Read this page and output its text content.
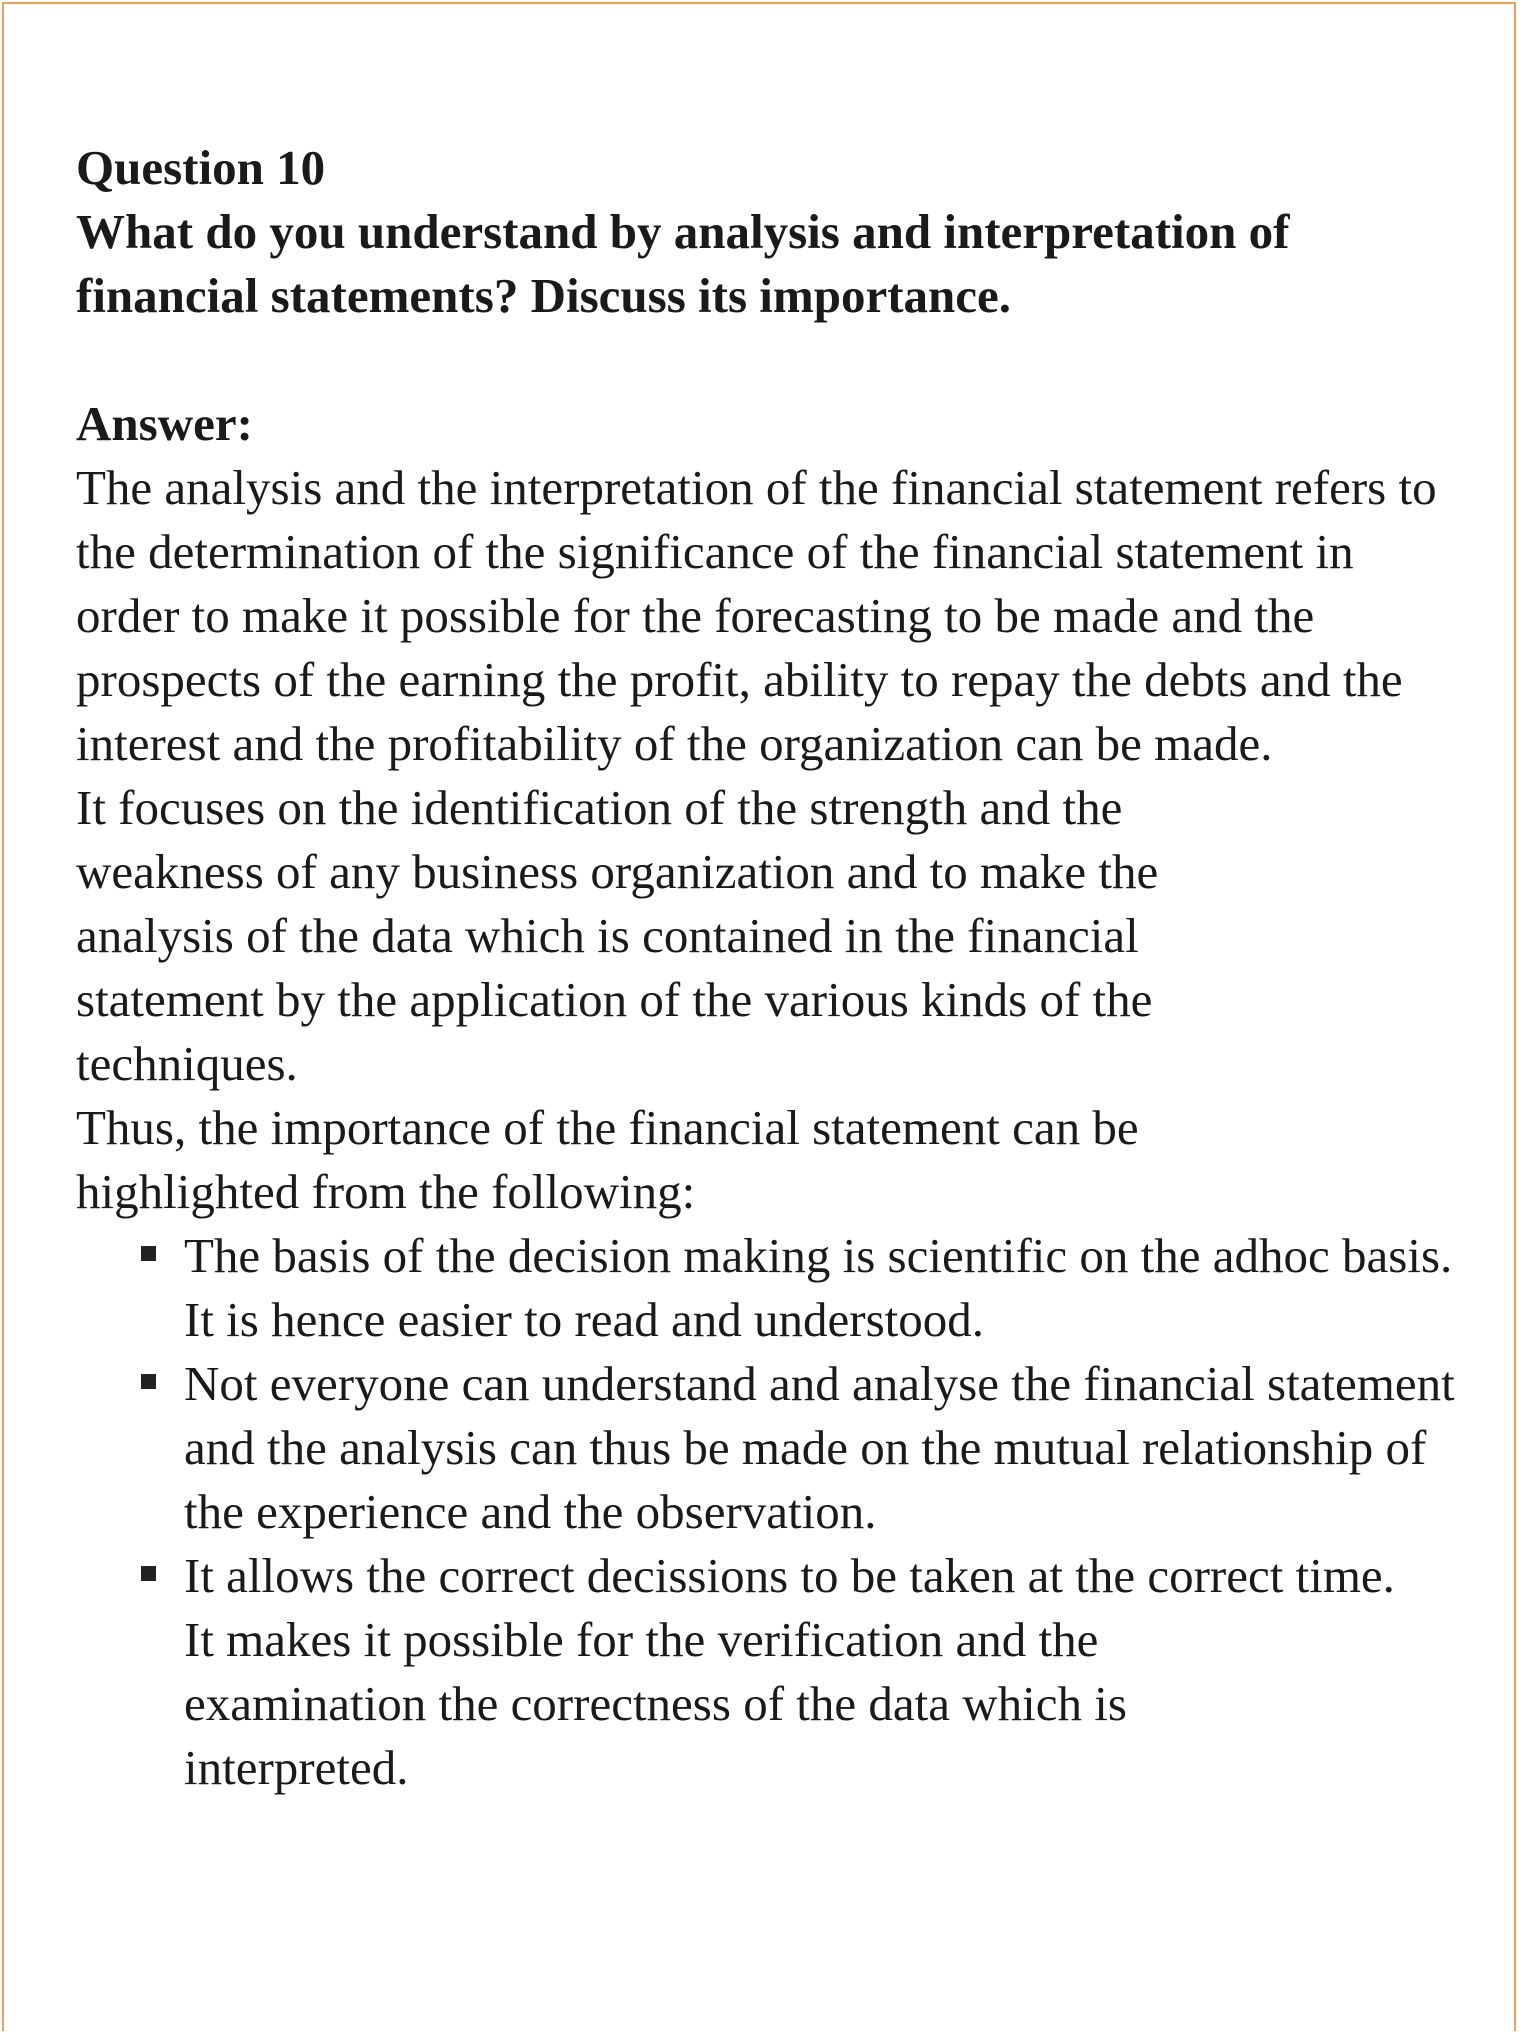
Question 10

What do you understand by analysis and interpretation of financial statements? Discuss its importance.

Answer:

The analysis and the interpretation of the financial statement refers to the determination of the significance of the financial statement in order to make it possible for the forecasting to be made and the prospects of the earning the profit, ability to repay the debts and the interest and the profitability of the organization can be made.

It focuses on the identification of the strength and the weakness of any business organization and to make the analysis of the data which is contained in the financial statement by the application of the various kinds of the techniques.

Thus, the importance of the financial statement can be highlighted from the following:

The basis of the decision making is scientific on the adhoc basis. It is hence easier to read and understood.
Not everyone can understand and analyse the financial statement and the analysis can thus be made on the mutual relationship of the experience and the observation.
It allows the correct decissions to be taken at the correct time.
It makes it possible for the verification and the examination the correctness of the data which is interpreted.
